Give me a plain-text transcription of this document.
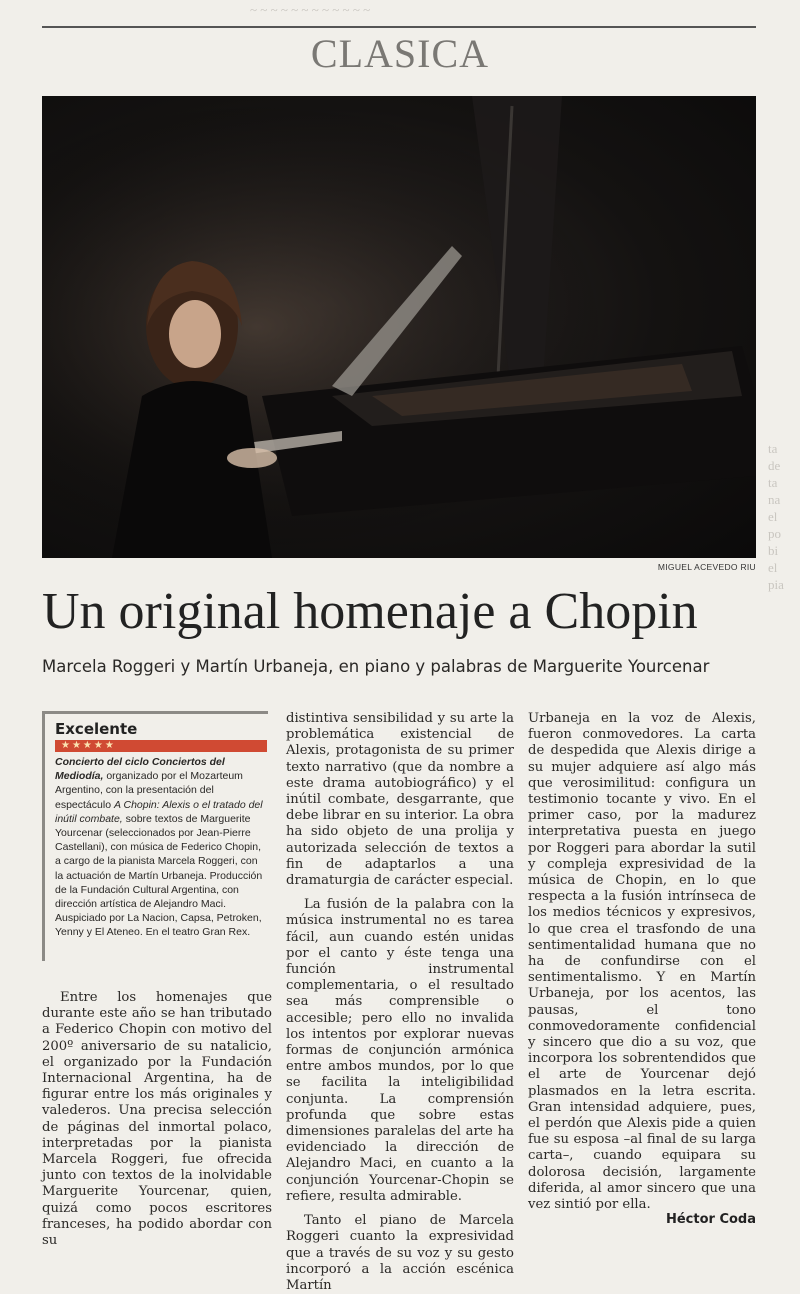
~ ~ ~ ~ ~ ~ ~ ~ ~ ~ ~ ~
ta
de
ta
na
el
po
bi
el
pia
CLASICA
MIGUEL ACEVEDO RIU
Un original homenaje a Chopin
Marcela Roggeri y Martín Urbaneja, en piano y palabras de Marguerite Yourcenar

Excelente

★★★★★
Concierto del ciclo Conciertos del Mediodía, organizado por el Mozarteum Argentino, con la presentación del espectáculo A Chopin: Alexis o el tratado del inútil combate, sobre textos de Marguerite Yourcenar (seleccionados por Jean-Pierre Castellani), con música de Federico Chopin, a cargo de la pianista Marcela Roggeri, con la actuación de Martín Urbaneja. Producción de la Fundación Cultural Argentina, con dirección artística de Alejandro Maci. Auspiciado por La Nacion, Capsa, Petroken, Yenny y El Ateneo. En el teatro Gran Rex.

Entre los homenajes que durante este año se han tributado a Federico Chopin con motivo del 200º aniversario de su natalicio, el organizado por la Fundación Internacional Argentina, ha de figurar entre los más originales y valederos. Una precisa selección de páginas del inmortal polaco, interpretadas por la pianista Marcela Roggeri, fue ofrecida junto con textos de la inolvidable Marguerite Yourcenar, quien, quizá como pocos escritores franceses, ha podido abordar con su

distintiva sensibilidad y su arte la problemática existencial de Alexis, protagonista de su primer texto narrativo (que da nombre a este drama autobiográfico) y el inútil combate, desgarrante, que debe librar en su interior. La obra ha sido objeto de una prolija y autorizada selección de textos a fin de adaptarlos a una dramaturgia de carácter especial.

La fusión de la palabra con la música instrumental no es tarea fácil, aun cuando estén unidas por el canto y éste tenga una función instrumental complementaria, o el resultado sea más comprensible o accesible; pero ello no invalida los intentos por explorar nuevas formas de conjunción armónica entre ambos mundos, por lo que se facilita la inteligibilidad conjunta. La comprensión profunda que sobre estas dimensiones paralelas del arte ha evidenciado la dirección de Alejandro Maci, en cuanto a la conjunción Yourcenar-Chopin se refiere, resulta admirable.

Tanto el piano de Marcela Roggeri cuanto la expresividad que a través de su voz y su gesto incorporó a la acción escénica Martín

Urbaneja en la voz de Alexis, fueron conmovedores. La carta de despedida que Alexis dirige a su mujer adquiere así algo más que verosimilitud: configura un testimonio tocante y vivo. En el primer caso, por la madurez interpretativa puesta en juego por Roggeri para abordar la sutil y compleja expresividad de la música de Chopin, en lo que respecta a la fusión intrínseca de los medios técnicos y expresivos, lo que crea el trasfondo de una sentimentalidad humana que no ha de confundirse con el sentimentalismo. Y en Martín Urbaneja, por los acentos, las pausas, el tono conmovedoramente confidencial y sincero que dio a su voz, que incorpora los sobrentendidos que el arte de Yourcenar dejó plasmados en la letra escrita. Gran intensidad adquiere, pues, el perdón que Alexis pide a quien fue su esposa –al final de su larga carta–, cuando equipara su dolorosa decisión, largamente diferida, al amor sincero que una vez sintió por ella.

Héctor Coda
